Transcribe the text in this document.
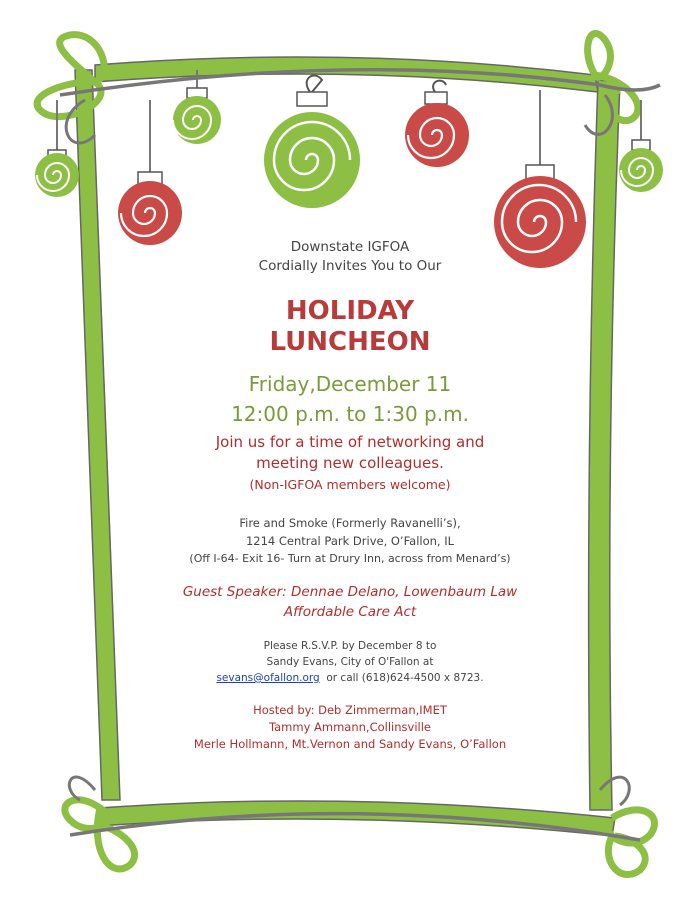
Downstate IGFOA

Cordially Invites You to Our

HOLIDAY

LUNCHEON

Friday,December 11

12:00 p.m. to 1:30 p.m.

Join us for a time of networking and

meeting new colleagues.

(Non-IGFOA members welcome)

Fire and Smoke (Formerly Ravanelli’s),

1214 Central Park Drive, O’Fallon, IL

(Off I-64- Exit 16- Turn at Drury Inn, across from Menard’s)

Guest Speaker: Dennae Delano, Lowenbaum Law

Affordable Care Act

Please R.S.V.P. by December 8 to

Sandy Evans, City of O'Fallon at

sevans@ofallon.org  or call (618)624-4500 x 8723.

Hosted by: Deb Zimmerman,IMET

Tammy Ammann,Collinsville

Merle Hollmann, Mt.Vernon and Sandy Evans, O’Fallon
